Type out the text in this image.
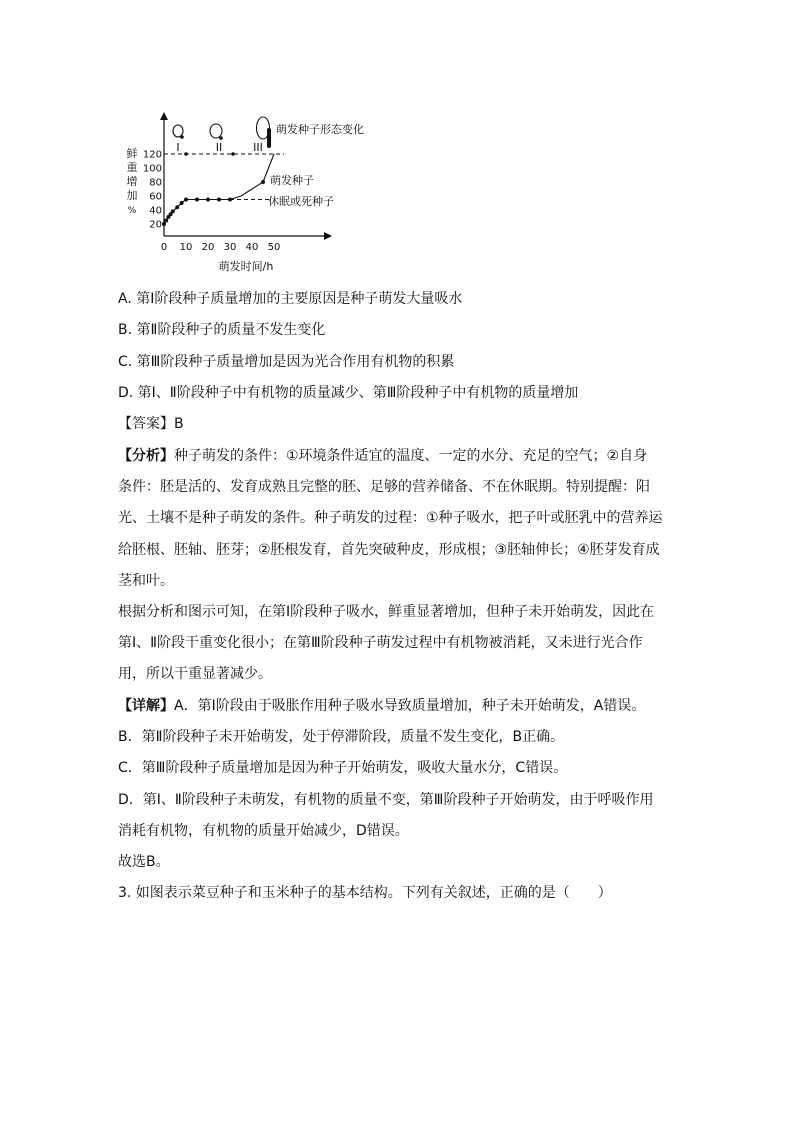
鲜
重
增
加
%
120
100
80
60
40
20
0 10 20 30 40 50
萌发时间/h
I	II	III
萌发种子形态变化
萌发种子
休眠或死种子
A. 第Ⅰ阶段种子质量增加的主要原因是种子萌发大量吸水
B. 第Ⅱ阶段种子的质量不发生变化
C. 第Ⅲ阶段种子质量增加是因为光合作用有机物的积累
D. 第Ⅰ、Ⅱ阶段种子中有机物的质量减少、第Ⅲ阶段种子中有机物的质量增加
【答案】B
【分析】种子萌发的条件：①环境条件适宜的温度、一定的水分、充足的空气；②自身
条件：胚是活的、发育成熟且完整的胚、足够的营养储备、不在休眠期。特别提醒：阳
光、土壤不是种子萌发的条件。种子萌发的过程：①种子吸水，把子叶或胚乳中的营养运
给胚根、胚轴、胚芽；②胚根发育，首先突破种皮，形成根；③胚轴伸长；④胚芽发育成
茎和叶。
根据分析和图示可知，在第Ⅰ阶段种子吸水，鲜重显著增加，但种子未开始萌发，因此在
第Ⅰ、Ⅱ阶段干重变化很小；在第Ⅲ阶段种子萌发过程中有机物被消耗，又未进行光合作
用，所以干重显著减少。
【详解】A．第Ⅰ阶段由于吸胀作用种子吸水导致质量增加，种子未开始萌发，A错误。
B．第Ⅱ阶段种子未开始萌发，处于停滞阶段，质量不发生变化，B正确。
C．第Ⅲ阶段种子质量增加是因为种子开始萌发，吸收大量水分，C错误。
D．第Ⅰ、Ⅱ阶段种子未萌发，有机物的质量不变，第Ⅲ阶段种子开始萌发，由于呼吸作用
消耗有机物，有机物的质量开始减少，D错误。
故选B。
3. 如图表示菜豆种子和玉米种子的基本结构。下列有关叙述，正确的是（　　）
